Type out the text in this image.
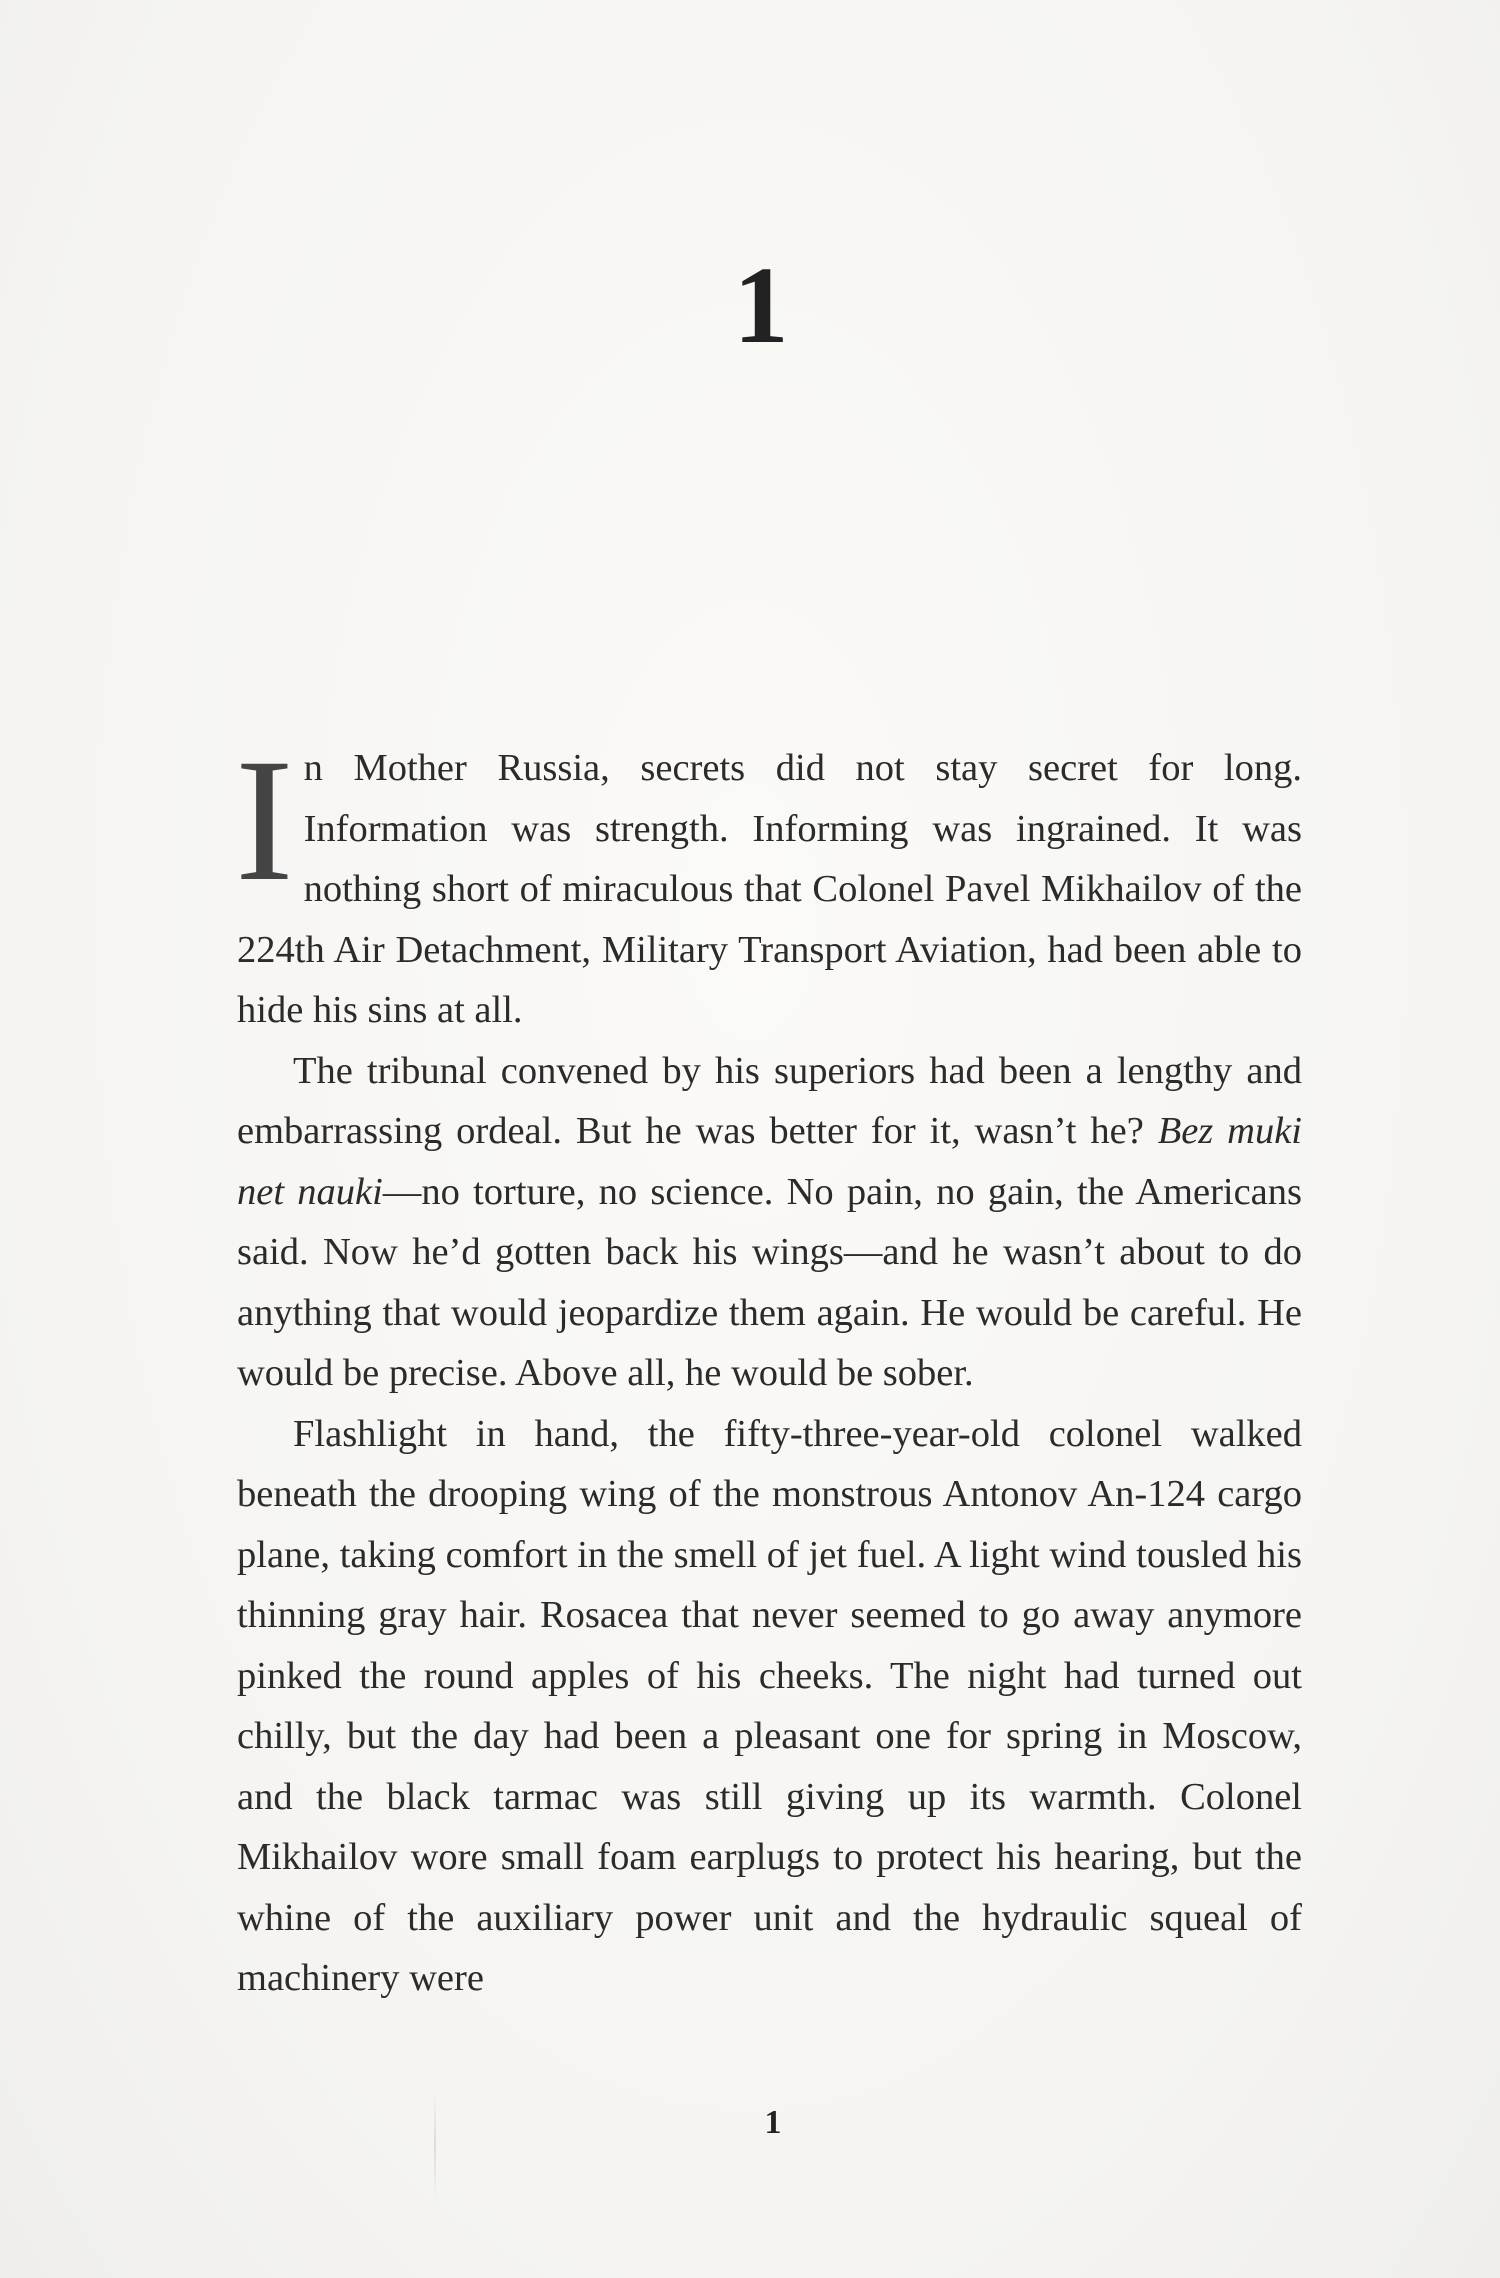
1

In Mother Russia, secrets did not stay secret for long. Information was strength. Informing was ingrained. It was nothing short of miraculous that Colonel Pavel Mikhailov of the 224th Air Detachment, Military Transport Aviation, had been able to hide his sins at all.

The tribunal convened by his superiors had been a lengthy and embarrassing ordeal. But he was better for it, wasn’t he? Bez muki net nauki—no torture, no science. No pain, no gain, the Americans said. Now he’d gotten back his wings—and he wasn’t about to do anything that would jeopardize them again. He would be careful. He would be precise. Above all, he would be sober.

Flashlight in hand, the fifty-three-year-old colonel walked beneath the drooping wing of the monstrous Antonov An-124 cargo plane, taking comfort in the smell of jet fuel. A light wind tousled his thinning gray hair. Rosacea that never seemed to go away anymore pinked the round apples of his cheeks. The night had turned out chilly, but the day had been a pleasant one for spring in Moscow, and the black tarmac was still giving up its warmth. Colonel Mikhailov wore small foam earplugs to protect his hearing, but the whine of the auxiliary power unit and the hydraulic squeal of machinery were

1
